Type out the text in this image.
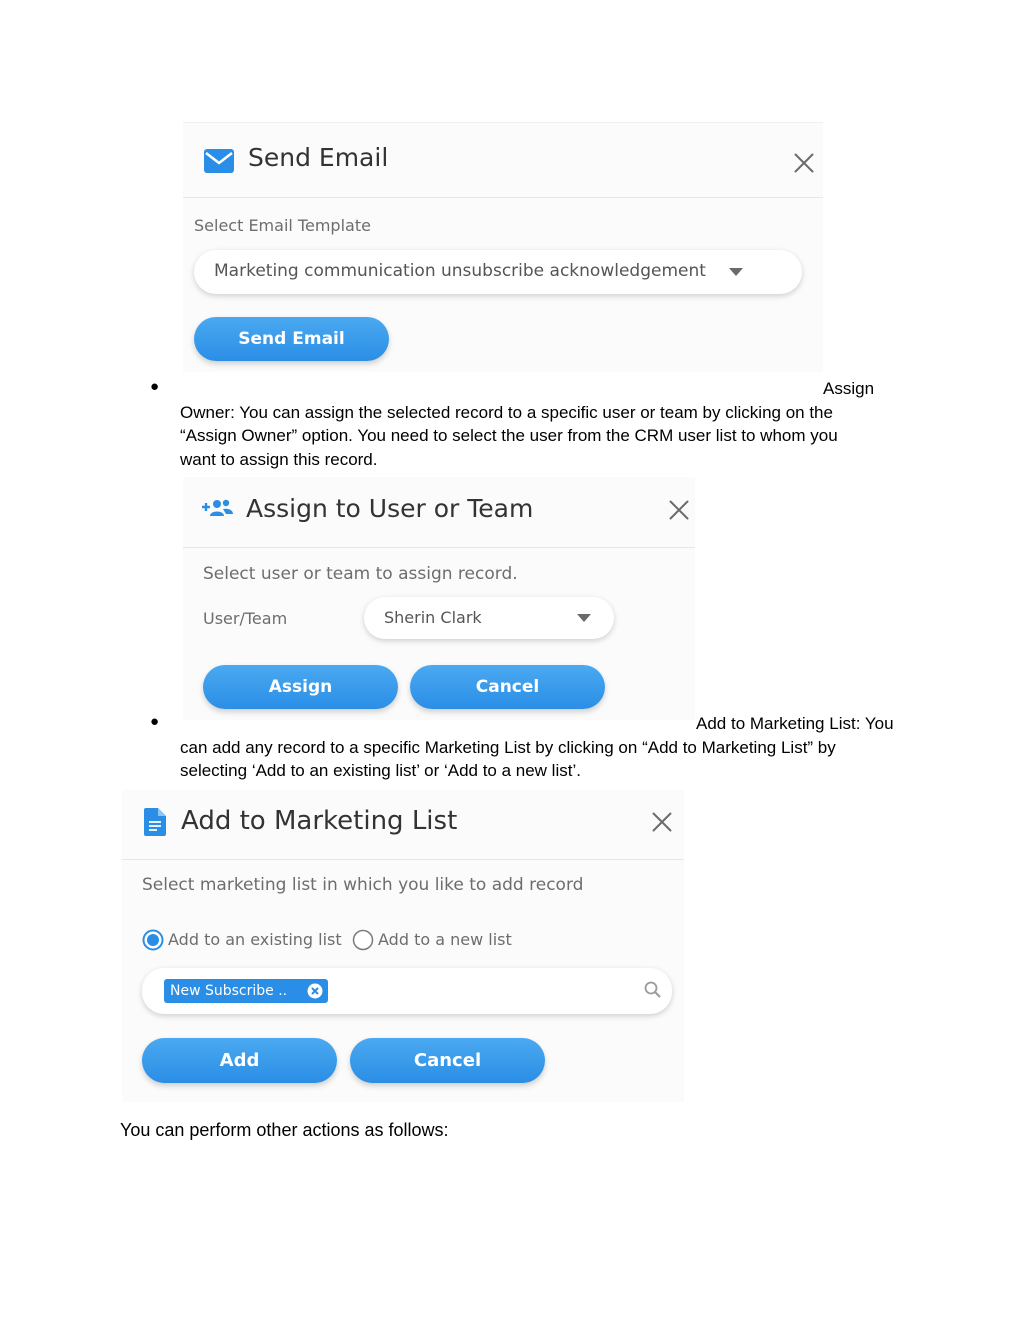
Send Email
Select Email Template
Marketing communication unsubscribe acknowledgement
Send Email
●	Assign
Owner: You can assign the selected record to a specific user or team by clicking on the
“Assign Owner” option. You need to select the user from the CRM user list to whom you
want to assign this record.
Assign to User or Team
Select user or team to assign record.
User/Team	Sherin Clark
Assign	Cancel
●	Add to Marketing List: You
can add any record to a specific Marketing List by clicking on “Add to Marketing List” by
selecting ‘Add to an existing list’ or ‘Add to a new list’.
Add to Marketing List
Select marketing list in which you like to add record
Add to an existing list Add to a new list
New Subscribe ..
Add	Cancel
You can perform other actions as follows:
